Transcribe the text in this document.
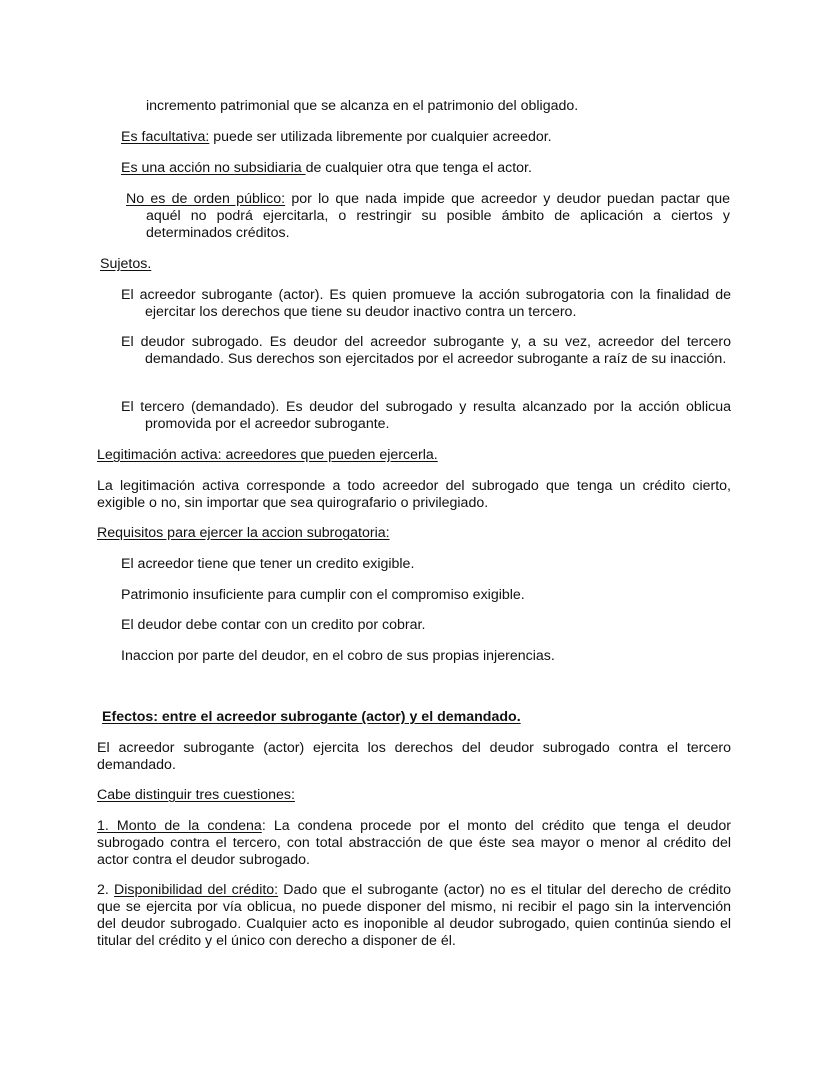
incremento patrimonial que se alcanza en el patrimonio del obligado.

Es facultativa: puede ser utilizada libremente por cualquier acreedor.

Es una acción no subsidiaria de cualquier otra que tenga el actor.

No es de orden público: por lo que nada impide que acreedor y deudor puedan pactar que aquél no podrá ejercitarla, o restringir su posible ámbito de aplicación a ciertos y determinados créditos.

Sujetos.

El acreedor subrogante (actor). Es quien promueve la acción subrogatoria con la finalidad de ejercitar los derechos que tiene su deudor inactivo contra un tercero.

El deudor subrogado. Es deudor del acreedor subrogante y, a su vez, acreedor del tercero demandado. Sus derechos son ejercitados por el acreedor subrogante a raíz de su inacción.

El tercero (demandado). Es deudor del subrogado y resulta alcanzado por la acción oblicua promovida por el acreedor subrogante.

Legitimación activa: acreedores que pueden ejercerla.

La legitimación activa corresponde a todo acreedor del subrogado que tenga un crédito cierto, exigible o no, sin importar que sea quirografario o privilegiado.

Requisitos para ejercer la accion subrogatoria:

El acreedor tiene que tener un credito exigible.

Patrimonio insuficiente para cumplir con el compromiso exigible.

El deudor debe contar con un credito por cobrar.

Inaccion por parte del deudor, en el cobro de sus propias injerencias.

Efectos: entre el acreedor subrogante (actor) y el demandado.

El acreedor subrogante (actor) ejercita los derechos del deudor subrogado contra el tercero demandado.

Cabe distinguir tres cuestiones:

1. Monto de la condena: La condena procede por el monto del crédito que tenga el deudor subrogado contra el tercero, con total abstracción de que éste sea mayor o menor al crédito del actor contra el deudor subrogado.

2. Disponibilidad del crédito: Dado que el subrogante (actor) no es el titular del derecho de crédito que se ejercita por vía oblicua, no puede disponer del mismo, ni recibir el pago sin la intervención del deudor subrogado. Cualquier acto es inoponible al deudor subrogado, quien continúa siendo el titular del crédito y el único con derecho a disponer de él.
